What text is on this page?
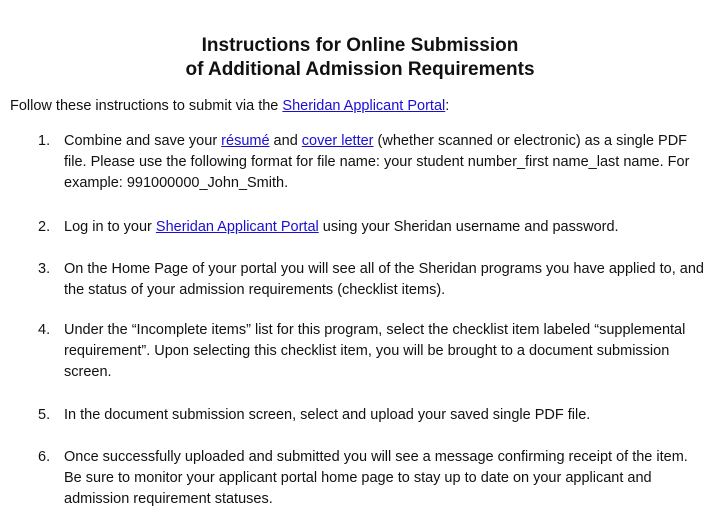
Instructions for Online Submission
of Additional Admission Requirements

Follow these instructions to submit via the Sheridan Applicant Portal:

1. Combine and save your résumé and cover letter (whether scanned or electronic) as a single PDF file. Please use the following format for file name: your student number_first name_last name. For example: 991000000_John_Smith.
2. Log in to your Sheridan Applicant Portal using your Sheridan username and password.
3. On the Home Page of your portal you will see all of the Sheridan programs you have applied to, and the status of your admission requirements (checklist items).
4. Under the “Incomplete items” list for this program, select the checklist item labeled “supplemental requirement”. Upon selecting this checklist item, you will be brought to a document submission screen.
5. In the document submission screen, select and upload your saved single PDF file.
6. Once successfully uploaded and submitted you will see a message confirming receipt of the item. Be sure to monitor your applicant portal home page to stay up to date on your applicant and admission requirement statuses.
